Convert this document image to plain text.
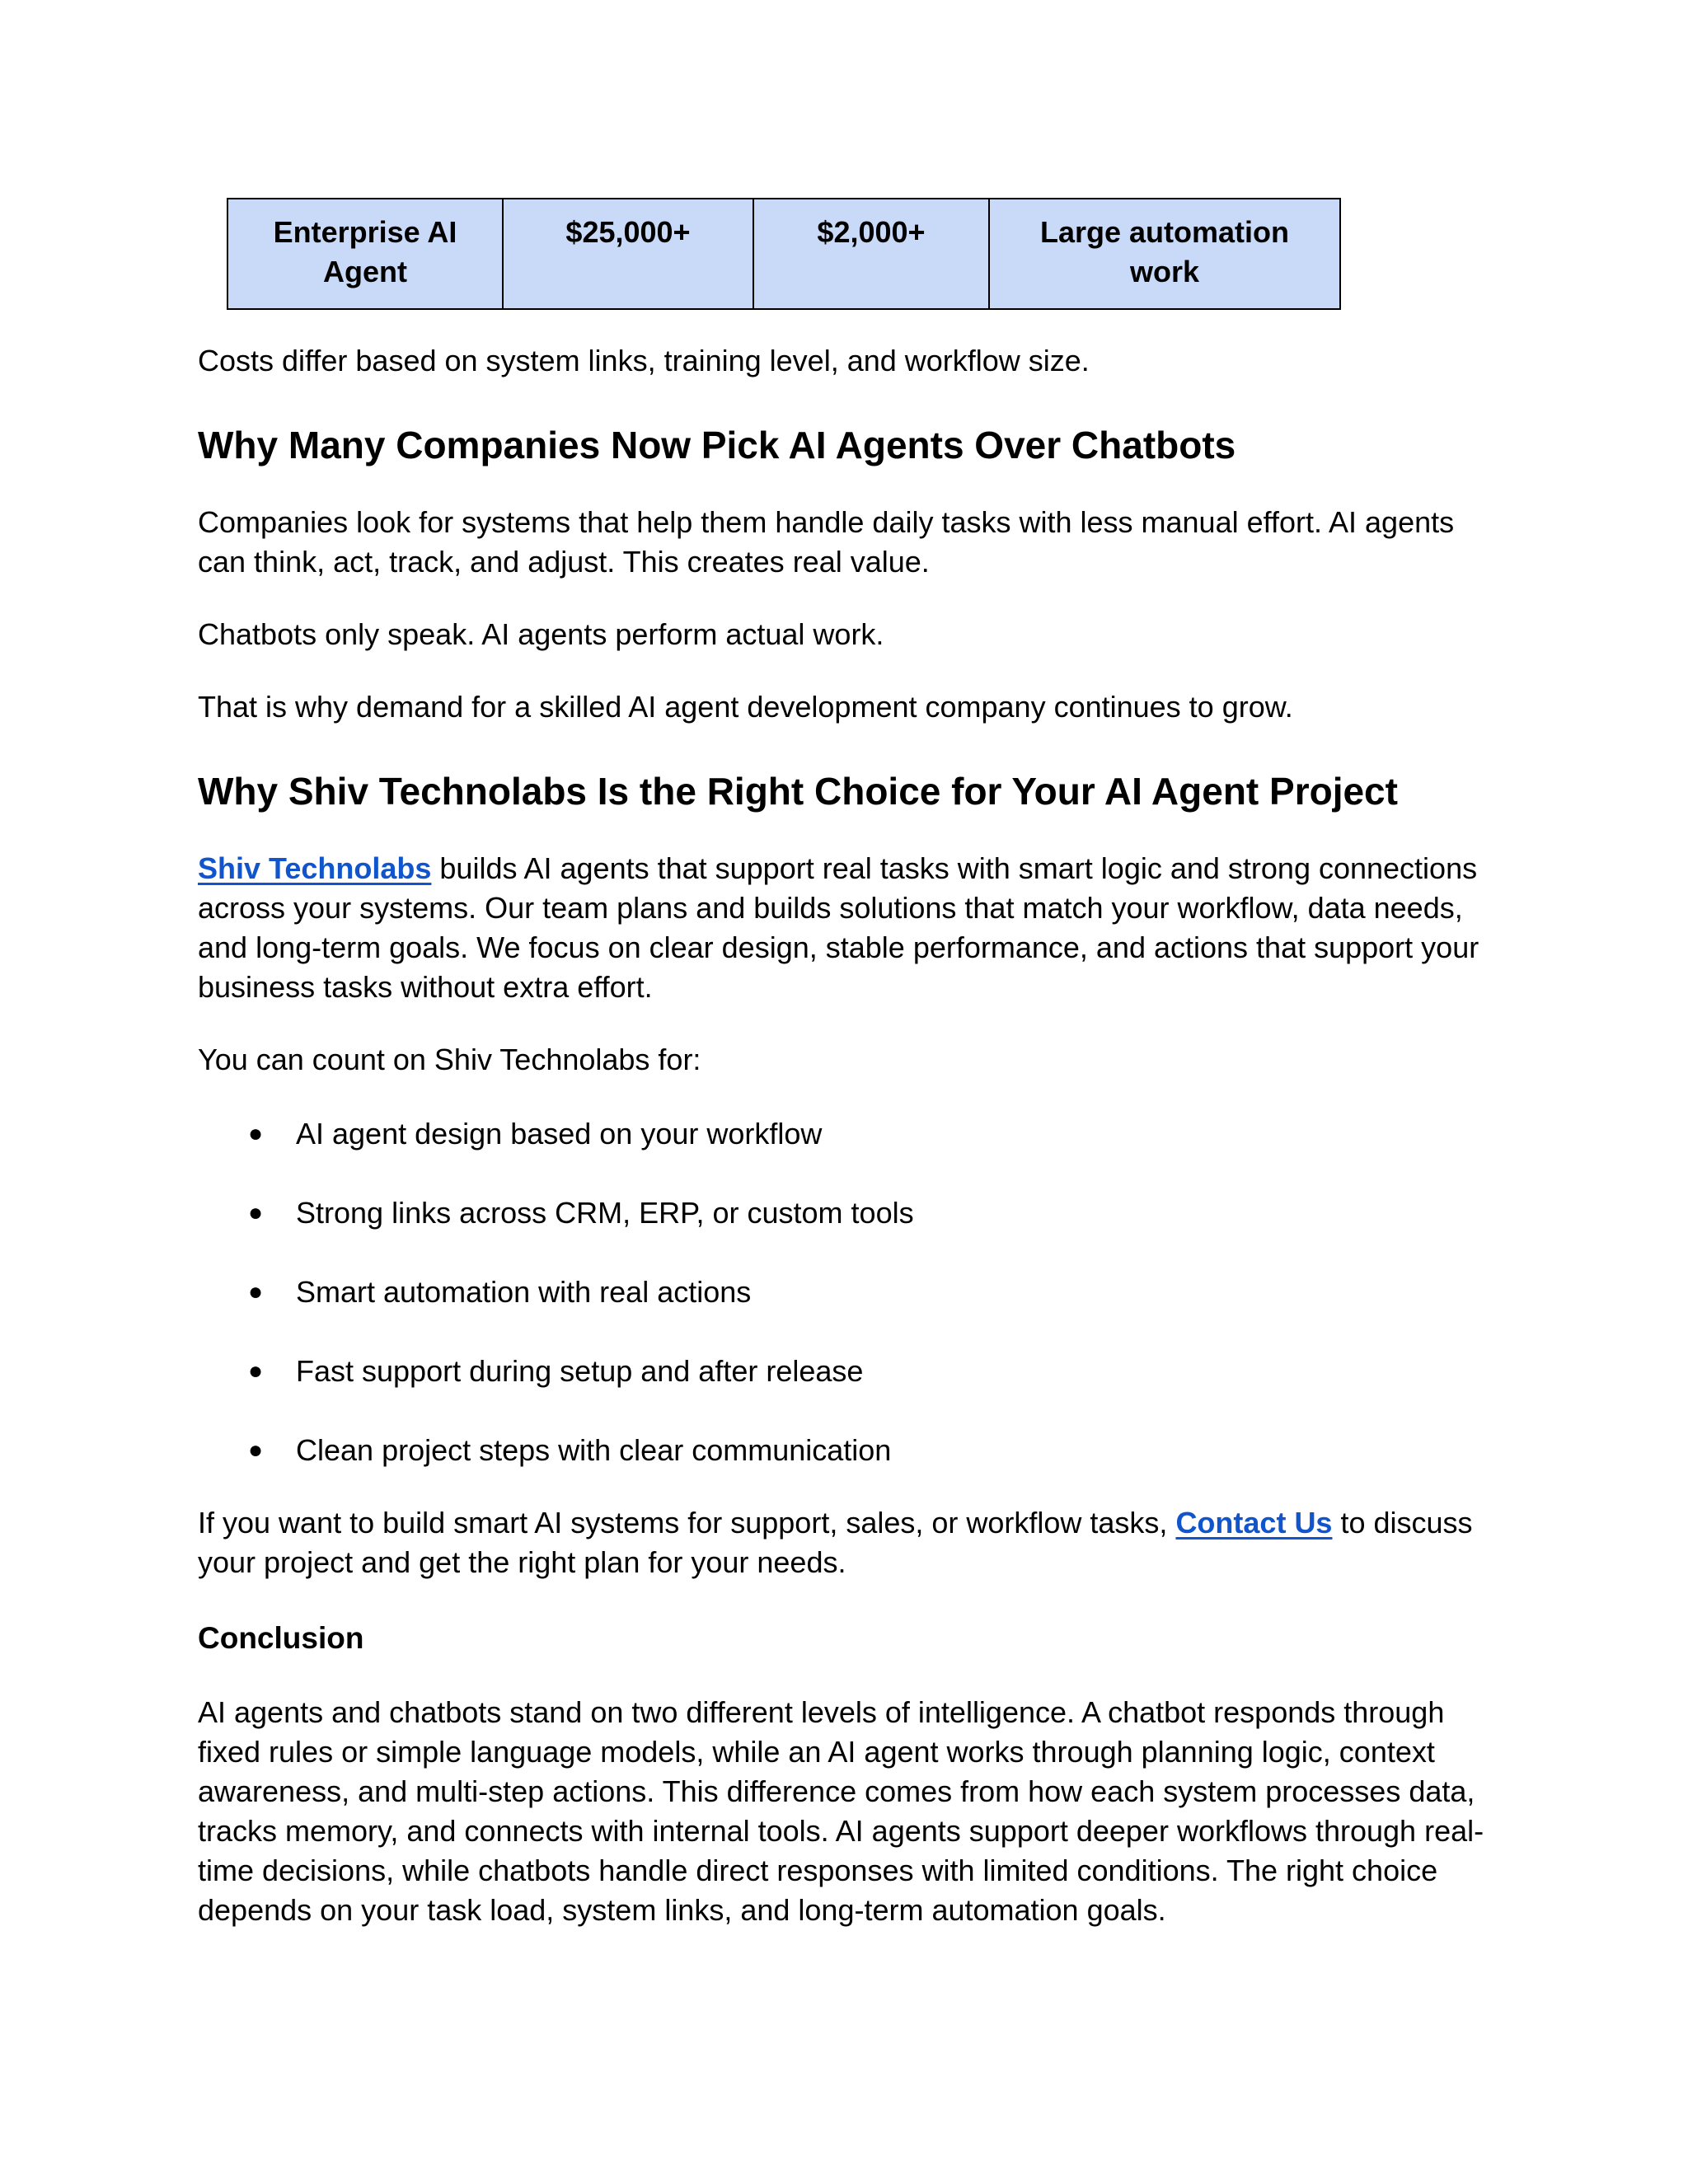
Enterprise AI Agent	$25,000+	$2,000+	Large automation work

Costs differ based on system links, training level, and workflow size.

Why Many Companies Now Pick AI Agents Over Chatbots

Companies look for systems that help them handle daily tasks with less manual effort. AI agents can think, act, track, and adjust. This creates real value.

Chatbots only speak. AI agents perform actual work.

That is why demand for a skilled AI agent development company continues to grow.

Why Shiv Technolabs Is the Right Choice for Your AI Agent Project

Shiv Technolabs builds AI agents that support real tasks with smart logic and strong connections across your systems. Our team plans and builds solutions that match your workflow, data needs, and long-term goals. We focus on clear design, stable performance, and actions that support your business tasks without extra effort.

You can count on Shiv Technolabs for:

● AI agent design based on your workflow
● Strong links across CRM, ERP, or custom tools
● Smart automation with real actions
● Fast support during setup and after release
● Clean project steps with clear communication

If you want to build smart AI systems for support, sales, or workflow tasks, Contact Us to discuss your project and get the right plan for your needs.

Conclusion

AI agents and chatbots stand on two different levels of intelligence. A chatbot responds through fixed rules or simple language models, while an AI agent works through planning logic, context awareness, and multi-step actions. This difference comes from how each system processes data, tracks memory, and connects with internal tools. AI agents support deeper workflows through real-time decisions, while chatbots handle direct responses with limited conditions. The right choice depends on your task load, system links, and long-term automation goals.
